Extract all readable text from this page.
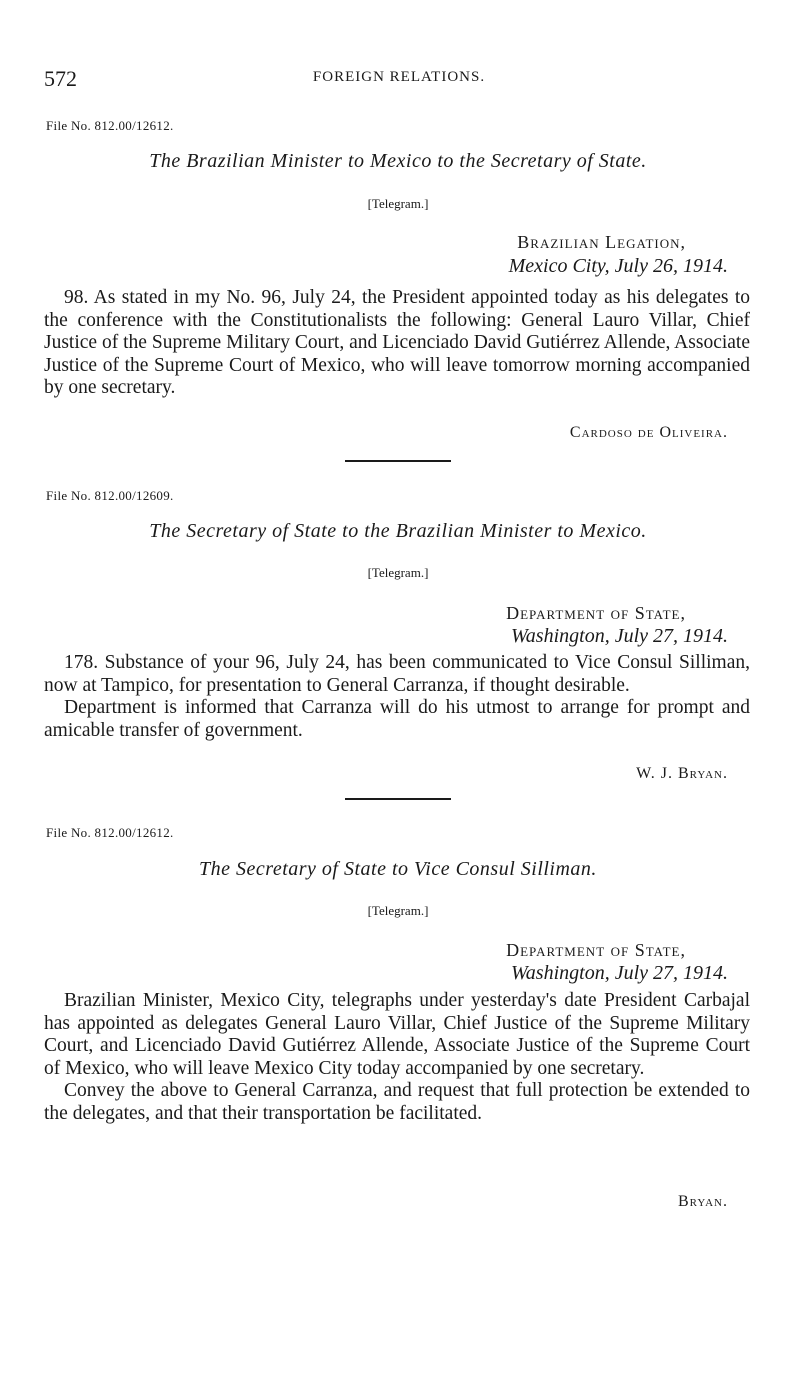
572	FOREIGN RELATIONS.
File No. 812.00/12612.
The Brazilian Minister to Mexico to the Secretary of State.
[Telegram.]
Brazilian Legation,
Mexico City, July 26, 1914.

98. As stated in my No. 96, July 24, the President appointed today as his delegates to the conference with the Constitutionalists the following: General Lauro Villar, Chief Justice of the Supreme Military Court, and Licenciado David Gutiérrez Allende, Associate Justice of the Supreme Court of Mexico, who will leave tomorrow morning accompanied by one secretary.

Cardoso de Oliveira.
File No. 812.00/12609.
The Secretary of State to the Brazilian Minister to Mexico.
[Telegram.]
Department of State,
Washington, July 27, 1914.

178. Substance of your 96, July 24, has been communicated to Vice Consul Silliman, now at Tampico, for presentation to General Carranza, if thought desirable.

Department is informed that Carranza will do his utmost to arrange for prompt and amicable transfer of government.

W. J. Bryan.
File No. 812.00/12612.
The Secretary of State to Vice Consul Silliman.
[Telegram.]
Department of State,
Washington, July 27, 1914.

Brazilian Minister, Mexico City, telegraphs under yesterday's date President Carbajal has appointed as delegates General Lauro Villar, Chief Justice of the Supreme Military Court, and Licenciado David Gutiérrez Allende, Associate Justice of the Supreme Court of Mexico, who will leave Mexico City today accompanied by one secretary.

Convey the above to General Carranza, and request that full protection be extended to the delegates, and that their transportation be facilitated.

Bryan.
